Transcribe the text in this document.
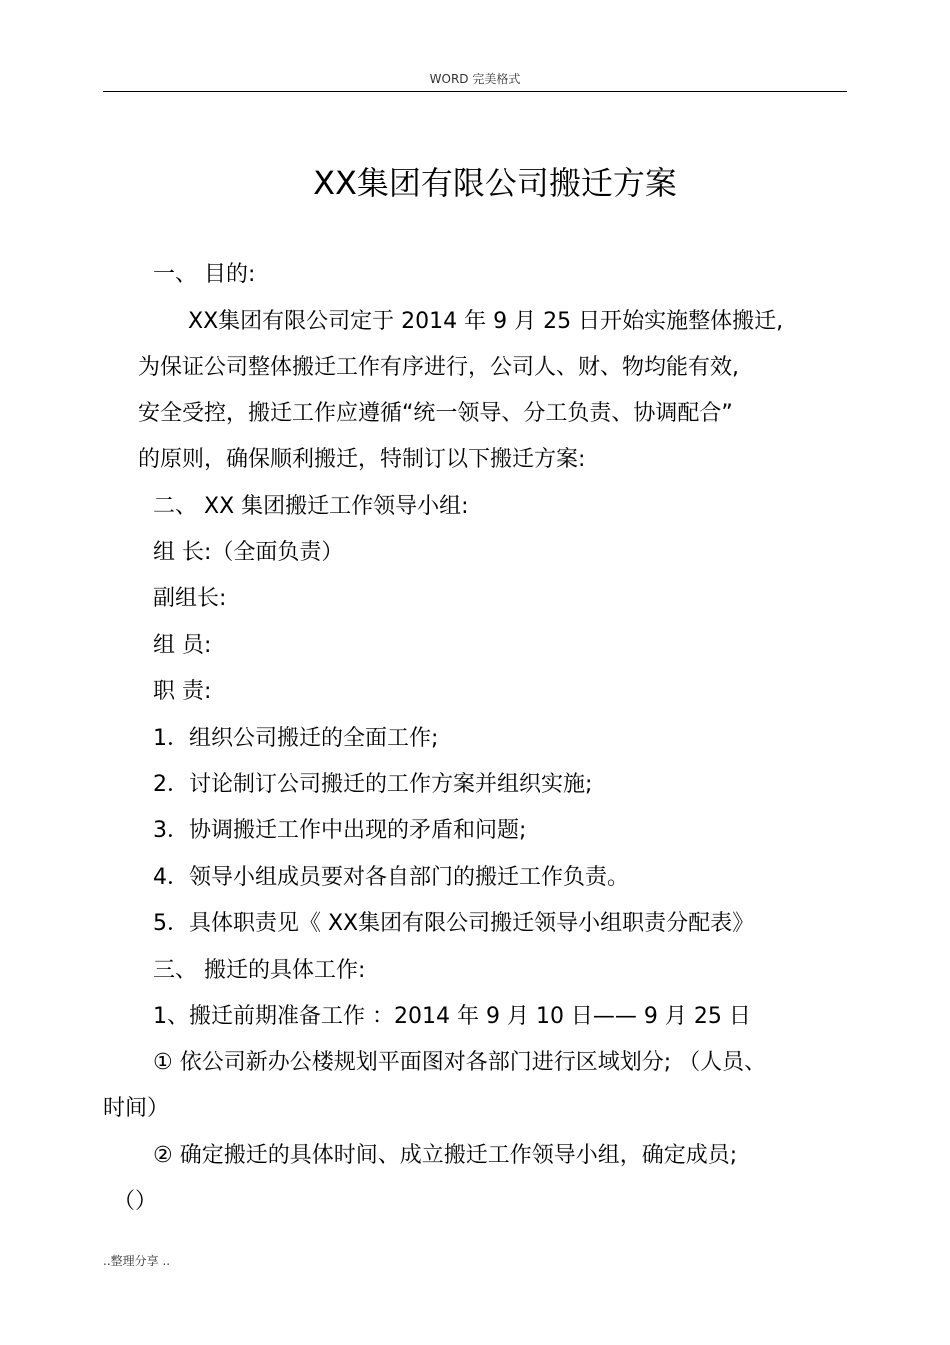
WORD 完美格式
XX集团有限公司搬迁方案
一、 目的:
XX集团有限公司定于 2014 年 9 月 25 日开始实施整体搬迁,
为保证公司整体搬迁工作有序进行，公司人、财、物均能有效,
安全受控，搬迁工作应遵循“统一领导、分工负责、协调配合”
的原则，确保顺利搬迁，特制订以下搬迁方案:
二、 XX 集团搬迁工作领导小组:
组 长:（全面负责）
副组长:
组 员:
职 责:
1．组织公司搬迁的全面工作;
2．讨论制订公司搬迁的工作方案并组织实施;
3．协调搬迁工作中出现的矛盾和问题;
4．领导小组成员要对各自部门的搬迁工作负责。
5．具体职责见《 XX集团有限公司搬迁领导小组职责分配表》
三、 搬迁的具体工作:
1、搬迁前期准备工作 ：2014 年 9 月 10 日—— 9 月 25 日
① 依公司新办公楼规划平面图对各部门进行区域划分; （人员、
时间）
② 确定搬迁的具体时间、成立搬迁工作领导小组，确定成员;
（）
..整理分享 ..
